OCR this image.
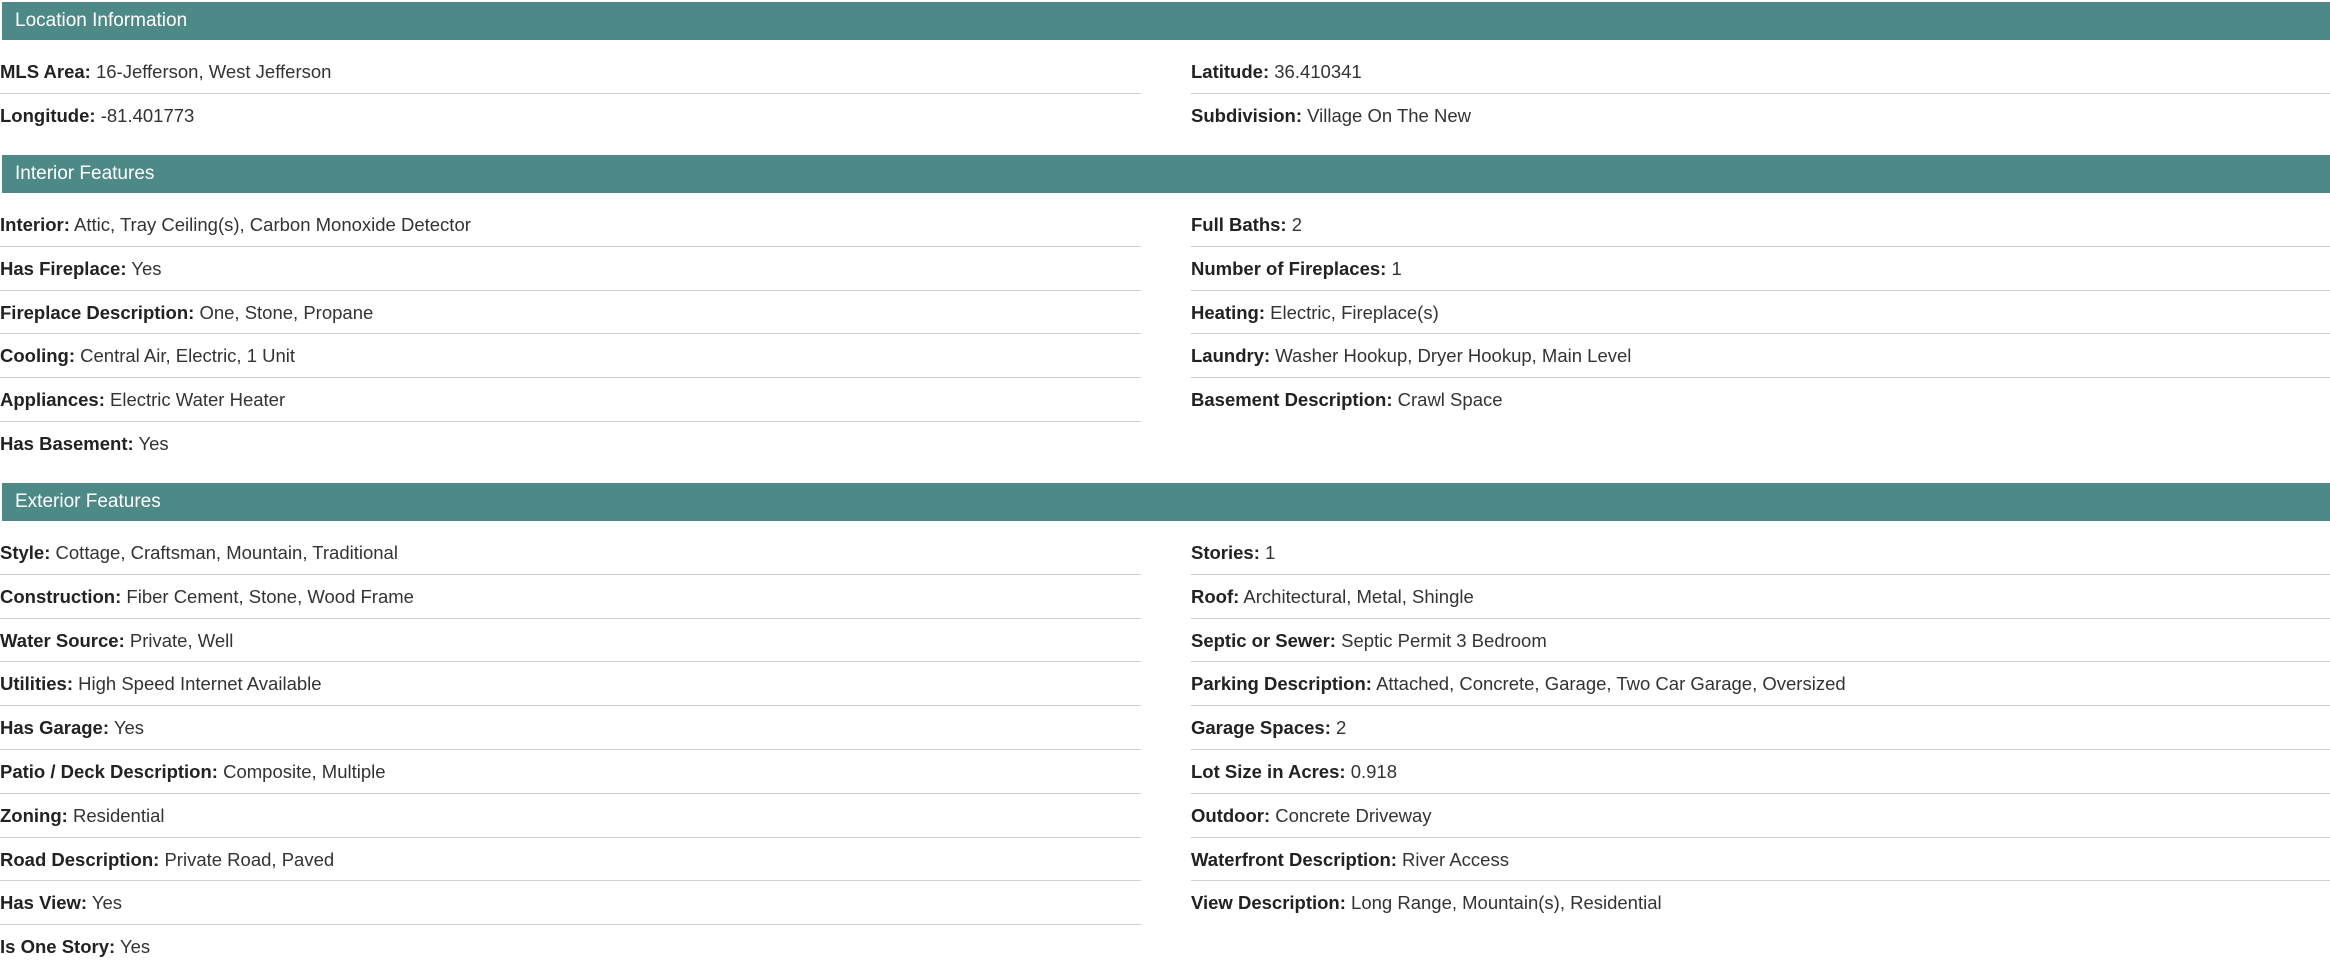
Location Information
MLS Area: 16-Jefferson, West Jefferson	Latitude: 36.410341
Longitude: -81.401773	Subdivision: Village On The New
Interior Features
Interior: Attic, Tray Ceiling(s), Carbon Monoxide Detector	Full Baths: 2
Has Fireplace: Yes	Number of Fireplaces: 1
Fireplace Description: One, Stone, Propane	Heating: Electric, Fireplace(s)
Cooling: Central Air, Electric, 1 Unit	Laundry: Washer Hookup, Dryer Hookup, Main Level
Appliances: Electric Water Heater	Basement Description: Crawl Space
Has Basement: Yes
Exterior Features
Style: Cottage, Craftsman, Mountain, Traditional	Stories: 1
Construction: Fiber Cement, Stone, Wood Frame	Roof: Architectural, Metal, Shingle
Water Source: Private, Well	Septic or Sewer: Septic Permit 3 Bedroom
Utilities: High Speed Internet Available	Parking Description: Attached, Concrete, Garage, Two Car Garage, Oversized
Has Garage: Yes	Garage Spaces: 2
Patio / Deck Description: Composite, Multiple	Lot Size in Acres: 0.918
Zoning: Residential	Outdoor: Concrete Driveway
Road Description: Private Road, Paved	Waterfront Description: River Access
Has View: Yes	View Description: Long Range, Mountain(s), Residential
Is One Story: Yes
